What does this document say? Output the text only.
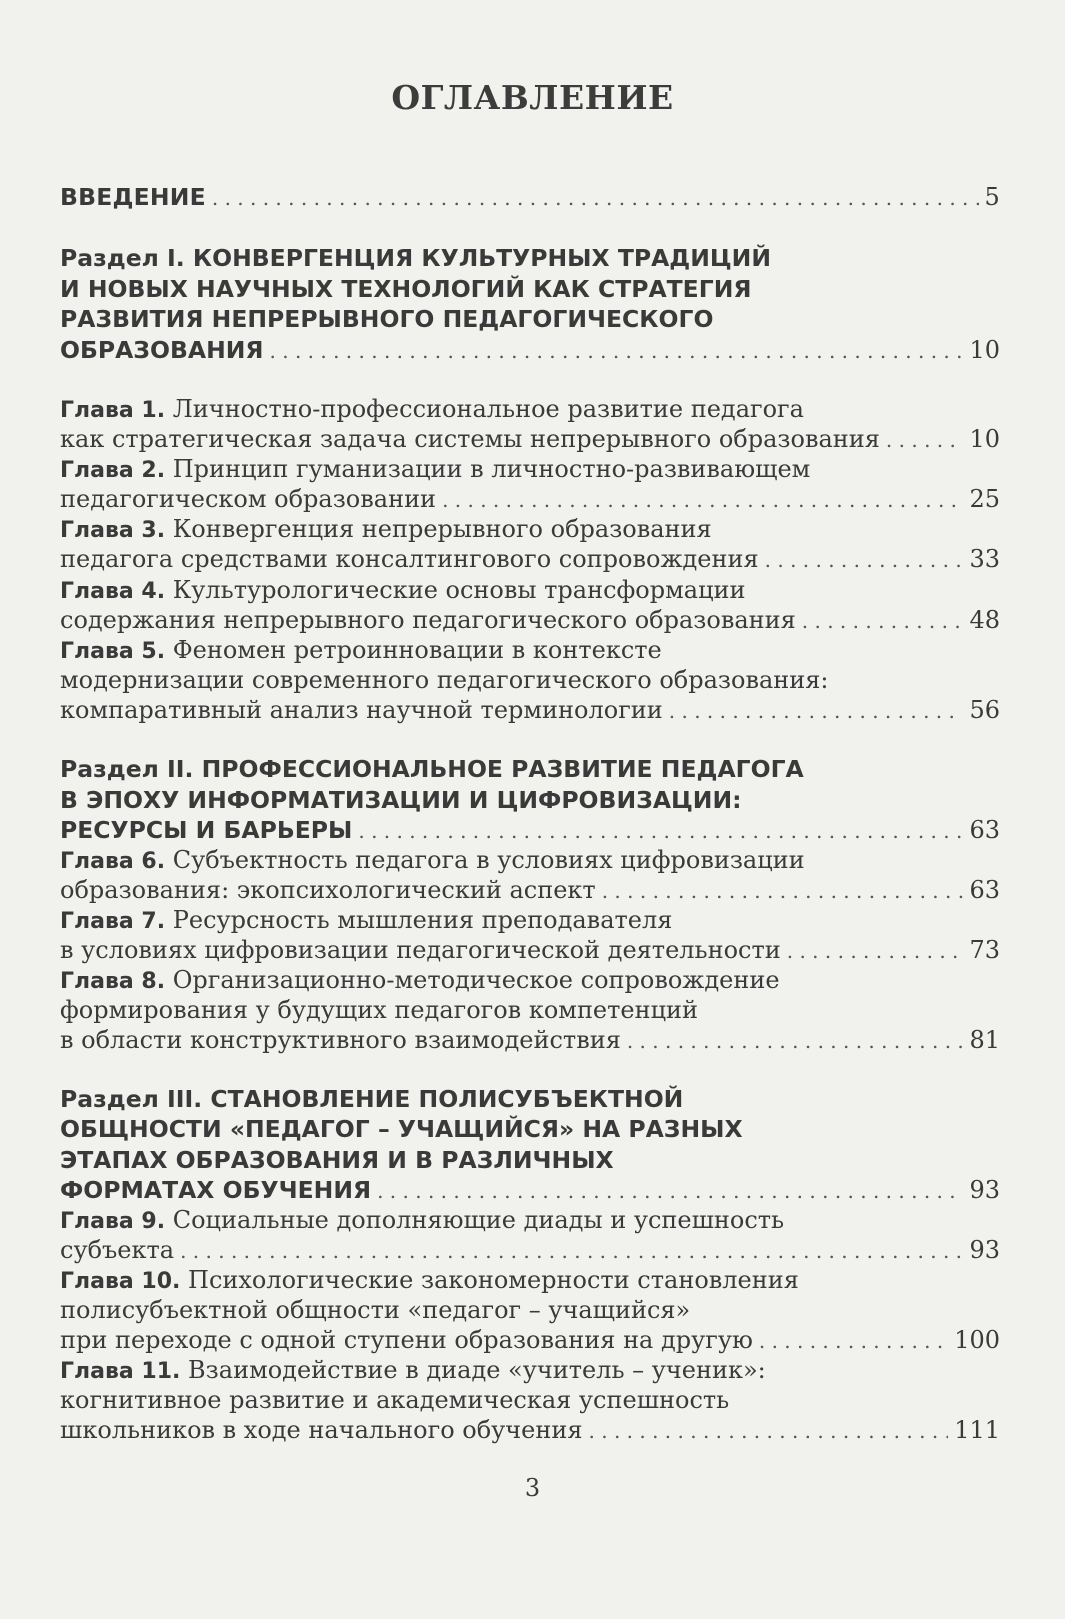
ОГЛАВЛЕНИЕ
ВВЕДЕНИЕ . . .	5
Раздел I. КОНВЕРГЕНЦИЯ КУЛЬТУРНЫХ ТРАДИЦИЙ
И НОВЫХ НАУЧНЫХ ТЕХНОЛОГИЙ КАК СТРАТЕГИЯ
РАЗВИТИЯ НЕПРЕРЫВНОГО ПЕДАГОГИЧЕСКОГО
ОБРАЗОВАНИЯ . . .	10
Глава 1. Личностно-профессиональное развитие педагога
как стратегическая задача системы непрерывного образования . . .	10
Глава 2. Принцип гуманизации в личностно-развивающем
педагогическом образовании . . .	25
Глава 3. Конвергенция непрерывного образования
педагога средствами консалтингового сопровождения . . .	33
Глава 4. Культурологические основы трансформации
содержания непрерывного педагогического образования . . .	48
Глава 5. Феномен ретроинновации в контексте
модернизации современного педагогического образования:
компаративный анализ научной терминологии . . .	56
Раздел II. ПРОФЕССИОНАЛЬНОЕ РАЗВИТИЕ ПЕДАГОГА
В ЭПОХУ ИНФОРМАТИЗАЦИИ И ЦИФРОВИЗАЦИИ:
РЕСУРСЫ И БАРЬЕРЫ . . .	63
Глава 6. Субъектность педагога в условиях цифровизации
образования: экопсихологический аспект . . .	63
Глава 7. Ресурсность мышления преподавателя
в условиях цифровизации педагогической деятельности . . .	73
Глава 8. Организационно-методическое сопровождение
формирования у будущих педагогов компетенций
в области конструктивного взаимодействия . . .	81
Раздел III. СТАНОВЛЕНИЕ ПОЛИСУБЪЕКТНОЙ
ОБЩНОСТИ «ПЕДАГОГ – УЧАЩИЙСЯ» НА РАЗНЫХ
ЭТАПАХ ОБРАЗОВАНИЯ И В РАЗЛИЧНЫХ
ФОРМАТАХ ОБУЧЕНИЯ . . .	93
Глава 9. Социальные дополняющие диады и успешность
субъекта . . .	93
Глава 10. Психологические закономерности становления
полисубъектной общности «педагог – учащийся»
при переходе с одной ступени образования на другую . . .	100
Глава 11. Взаимодействие в диаде «учитель – ученик»:
когнитивное развитие и академическая успешность
школьников в ходе начального обучения . . .	111
3
